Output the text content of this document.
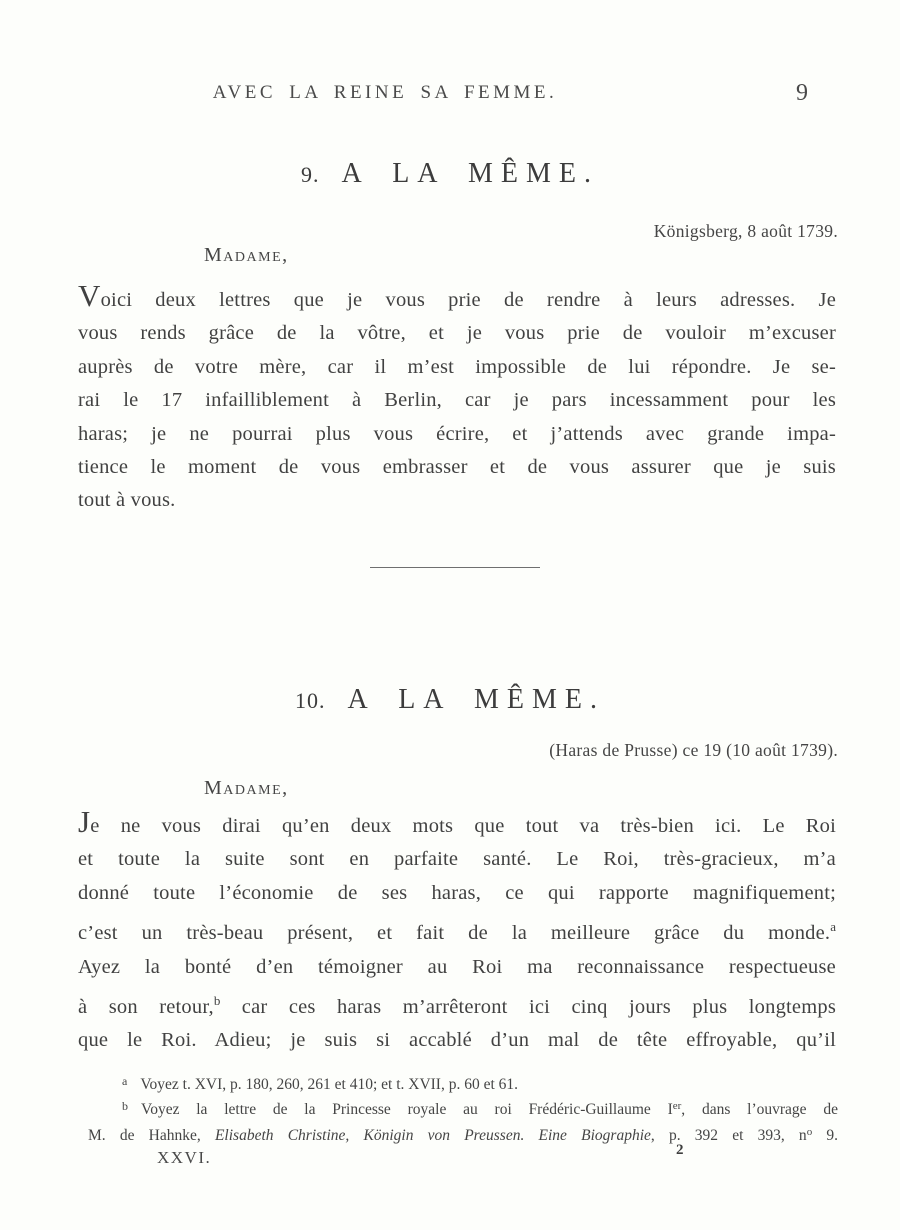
AVEC LA REINE SA FEMME.	9
9. A LA MÊME.
Königsberg, 8 août 1739.
Madame,
Voici deux lettres que je vous prie de rendre à leurs adresses. Je
vous rends grâce de la vôtre, et je vous prie de vouloir m’excuser
auprès de votre mère, car il m’est impossible de lui répondre. Je se-
rai le 17 infailliblement à Berlin, car je pars incessamment pour les
haras; je ne pourrai plus vous écrire, et j’attends avec grande impa-
tience le moment de vous embrasser et de vous assurer que je suis
tout à vous.
10. A LA MÊME.
(Haras de Prusse) ce 19 (10 août 1739).
Madame,
Je ne vous dirai qu’en deux mots que tout va très-bien ici. Le Roi
et toute la suite sont en parfaite santé. Le Roi, très-gracieux, m’a
donné toute l’économie de ses haras, ce qui rapporte magnifiquement;
c’est un très-beau présent, et fait de la meilleure grâce du monde.$^a$
Ayez la bonté d’en témoigner au Roi ma reconnaissance respectueuse
à son retour,$^b$ car ces haras m’arrêteront ici cinq jours plus longtemps
que le Roi. Adieu; je suis si accablé d’un mal de tête effroyable, qu’il
$^a$ Voyez t. XVI, p. 180, 260, 261 et 410; et t. XVII, p. 60 et 61.
$^b$ Voyez la lettre de la Princesse royale au roi Frédéric-Guillaume Ier, dans l’ouvrage de
M. de Hahnke, Elisabeth Christine, Königin von Preussen. Eine Biographie, p. 392 et 393, n$^o$ 9.
XXVI.	2
